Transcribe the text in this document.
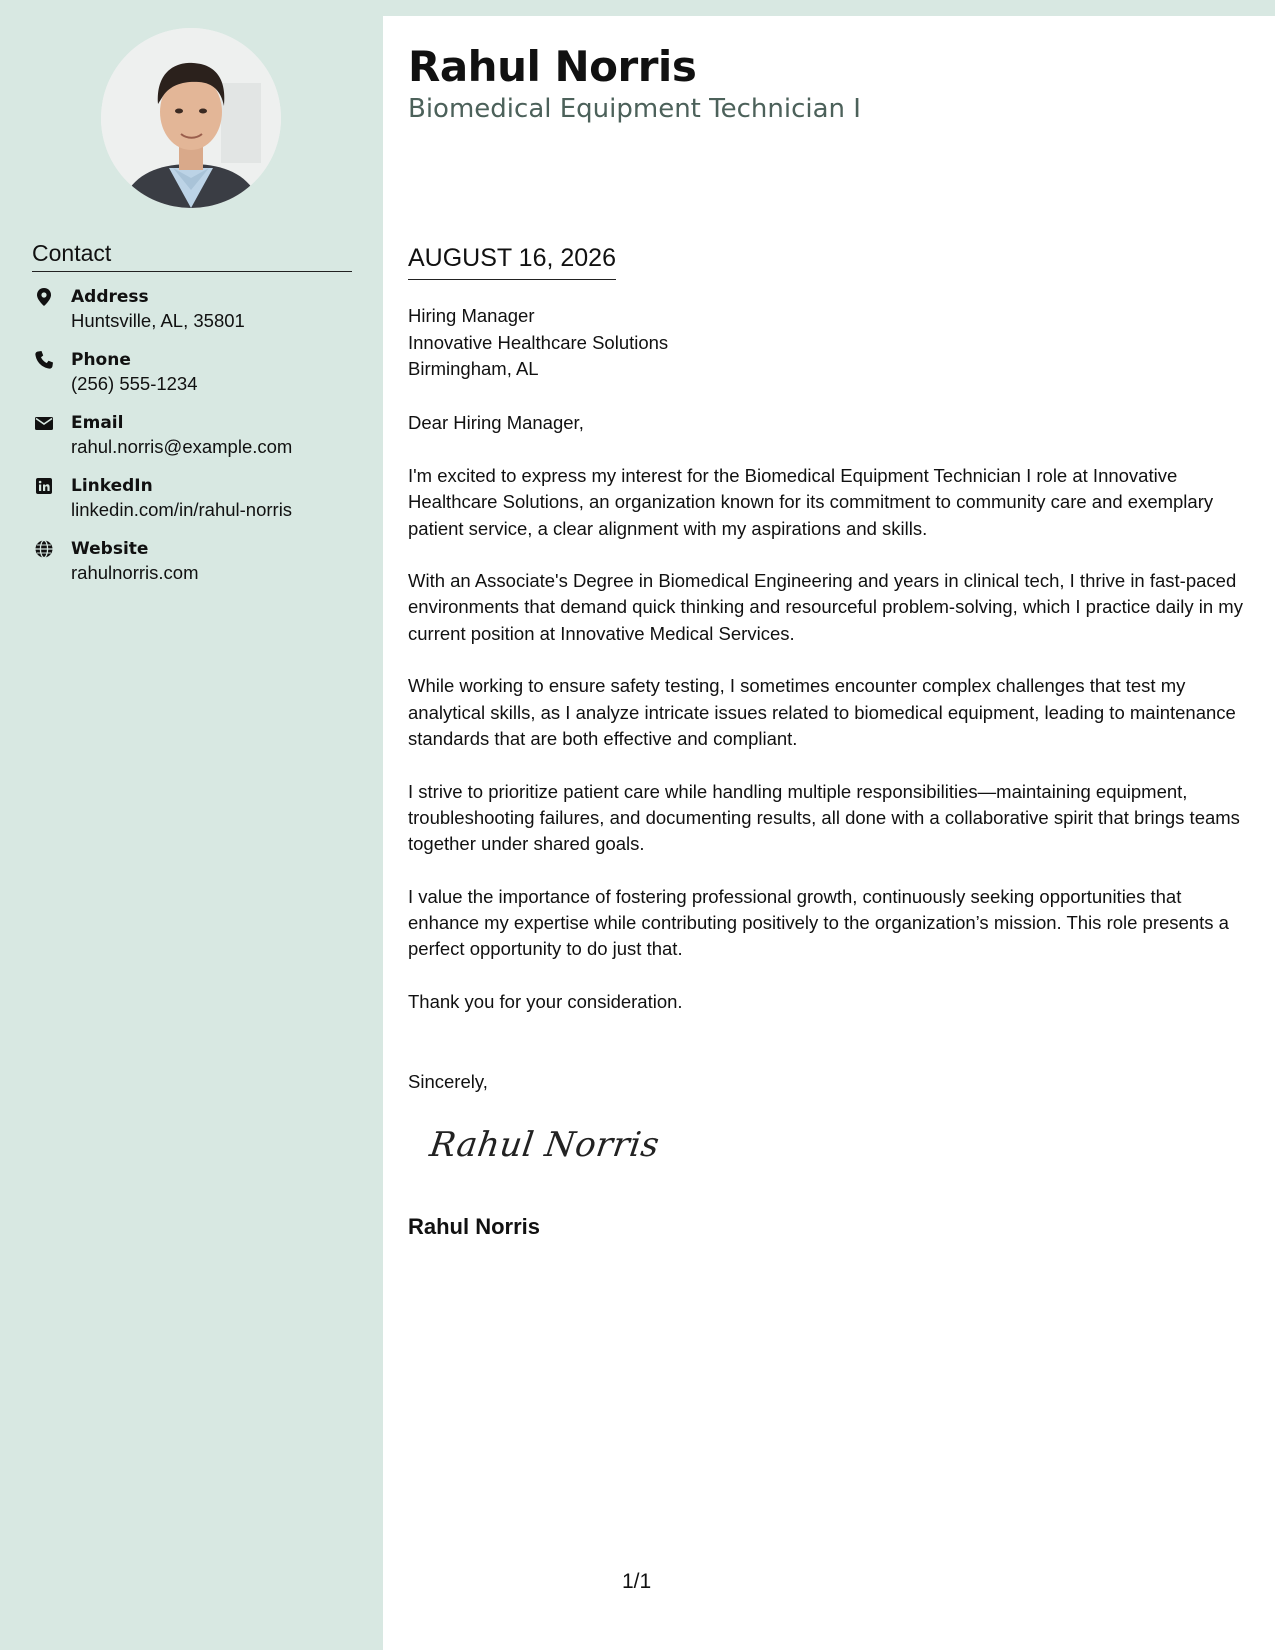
Contact
Address
Huntsville, AL, 35801
Phone
(256) 555-1234
Email
rahul.norris@example.com
LinkedIn
linkedin.com/in/rahul-norris
Website
rahulnorris.com
Rahul Norris
Biomedical Equipment Technician I
AUGUST 16, 2026
Hiring Manager
Innovative Healthcare Solutions
Birmingham, AL
Dear Hiring Manager,

I'm excited to express my interest for the Biomedical Equipment Technician I role at Innovative Healthcare Solutions, an organization known for its commitment to community care and exemplary patient service, a clear alignment with my aspirations and skills.

With an Associate's Degree in Biomedical Engineering and years in clinical tech, I thrive in fast-paced environments that demand quick thinking and resourceful problem-solving, which I practice daily in my current position at Innovative Medical Services.

While working to ensure safety testing, I sometimes encounter complex challenges that test my analytical skills, as I analyze intricate issues related to biomedical equipment, leading to maintenance standards that are both effective and compliant.

I strive to prioritize patient care while handling multiple responsibilities—maintaining equipment, troubleshooting failures, and documenting results, all done with a collaborative spirit that brings teams together under shared goals.

I value the importance of fostering professional growth, continuously seeking opportunities that enhance my expertise while contributing positively to the organization’s mission. This role presents a perfect opportunity to do just that.

Thank you for your consideration.

Sincerely,
Rahul Norris
Rahul Norris
1/1
